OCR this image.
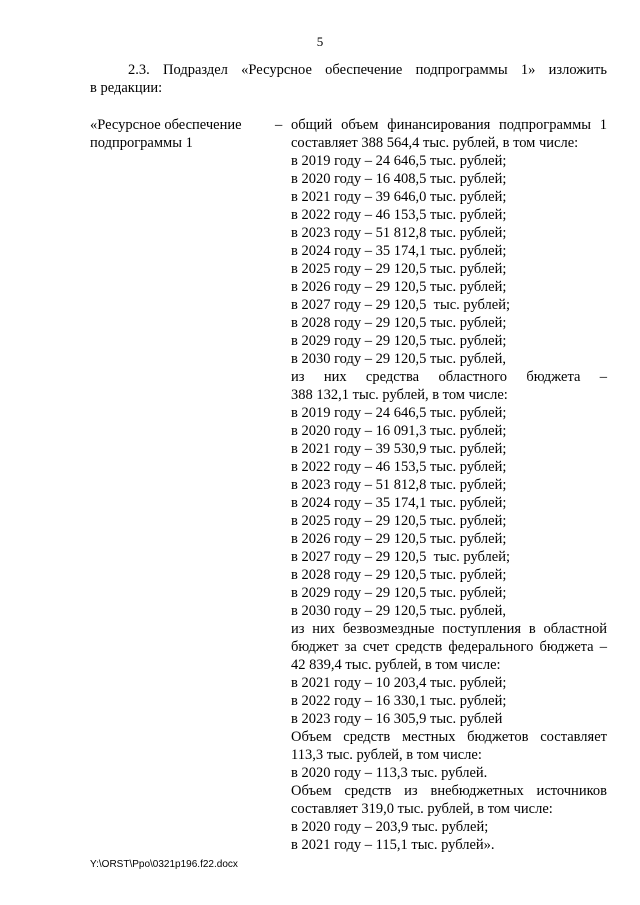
5
2.3. Подраздел «Ресурсное обеспечение подпрограммы 1» изложить
в редакции:
«Ресурсное обеспечение
подпрограммы 1
– общий объем финансирования подпрограммы 1
составляет 388 564,4 тыс. рублей, в том числе:
в 2019 году – 24 646,5 тыс. рублей;
в 2020 году – 16 408,5 тыс. рублей;
в 2021 году – 39 646,0 тыс. рублей;
в 2022 году – 46 153,5 тыс. рублей;
в 2023 году – 51 812,8 тыс. рублей;
в 2024 году – 35 174,1 тыс. рублей;
в 2025 году – 29 120,5 тыс. рублей;
в 2026 году – 29 120,5 тыс. рублей;
в 2027 году – 29 120,5  тыс. рублей;
в 2028 году – 29 120,5 тыс. рублей;
в 2029 году – 29 120,5 тыс. рублей;
в 2030 году – 29 120,5 тыс. рублей,
из них средства областного бюджета –
388 132,1 тыс. рублей, в том числе:
в 2019 году – 24 646,5 тыс. рублей;
в 2020 году – 16 091,3 тыс. рублей;
в 2021 году – 39 530,9 тыс. рублей;
в 2022 году – 46 153,5 тыс. рублей;
в 2023 году – 51 812,8 тыс. рублей;
в 2024 году – 35 174,1 тыс. рублей;
в 2025 году – 29 120,5 тыс. рублей;
в 2026 году – 29 120,5 тыс. рублей;
в 2027 году – 29 120,5  тыс. рублей;
в 2028 году – 29 120,5 тыс. рублей;
в 2029 году – 29 120,5 тыс. рублей;
в 2030 году – 29 120,5 тыс. рублей,
из них безвозмездные поступления в областной
бюджет за счет средств федерального бюджета –
42 839,4 тыс. рублей, в том числе:
в 2021 году – 10 203,4 тыс. рублей;
в 2022 году – 16 330,1 тыс. рублей;
в 2023 году – 16 305,9 тыс. рублей
Объем средств местных бюджетов составляет
113,3 тыс. рублей, в том числе:
в 2020 году – 113,3 тыс. рублей.
Объем средств из внебюджетных источников
составляет 319,0 тыс. рублей, в том числе:
в 2020 году – 203,9 тыс. рублей;
в 2021 году – 115,1 тыс. рублей».
Y:\ORST\Ppo\0321p196.f22.docx
